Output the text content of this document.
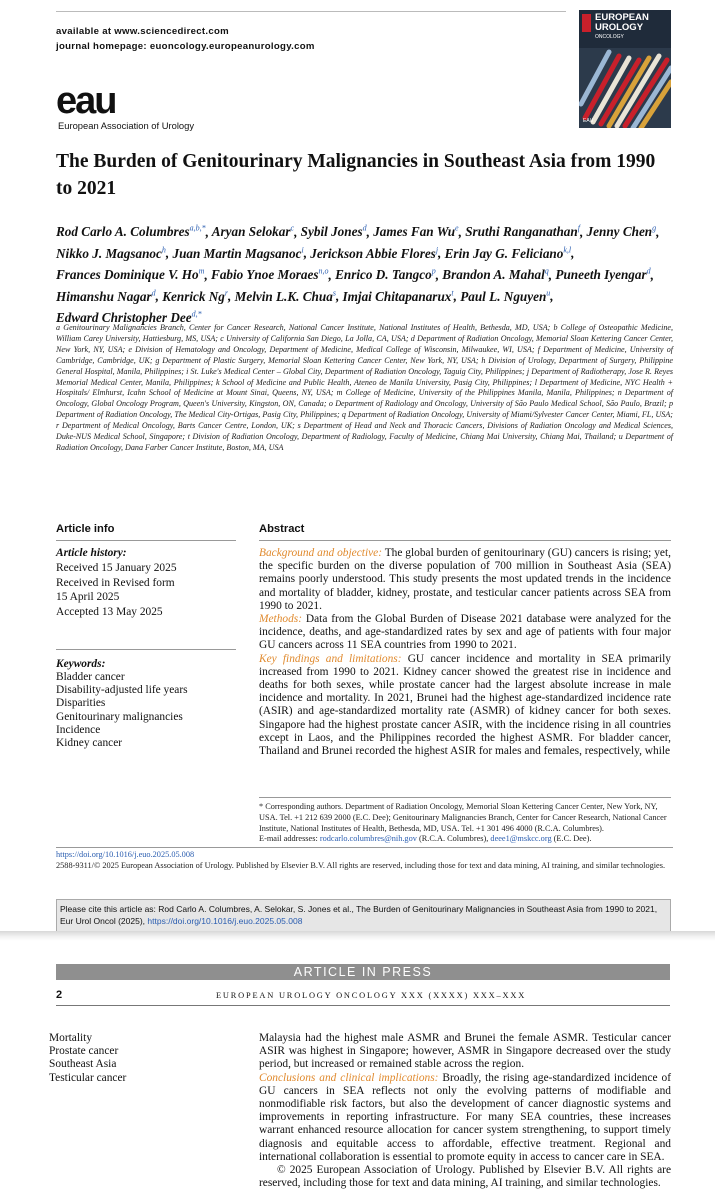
available at www.sciencedirect.com
journal homepage: euoncology.europeanurology.com
eau
European Association of Urology
EUROPEAN
UROLOGY
ONCOLOGY
EAU
The Burden of Genitourinary Malignancies in Southeast Asia from 1990 to 2021
Rod Carlo A. Columbres$^{a,b,*}$, Aryan Selokar$^c$, Sybil Jones$^d$, James Fan Wu$^e$, Sruthi Ranganathan$^f$, Jenny Chen$^g$, Nikko J. Magsanoc$^h$, Juan Martin Magsanoc$^i$, Jerickson Abbie Flores$^j$, Erin Jay G. Feliciano$^{k,l}$, Frances Dominique V. Ho$^m$, Fabio Ynoe Moraes$^{n,o}$, Enrico D. Tangco$^p$, Brandon A. Mahal$^q$, Puneeth Iyengar$^d$, Himanshu Nagar$^d$, Kenrick Ng$^r$, Melvin L.K. Chua$^s$, Imjai Chitapanarux$^t$, Paul L. Nguyen$^u$, Edward Christopher Dee$^{d,*}$
a Genitourinary Malignancies Branch, Center for Cancer Research, National Cancer Institute, National Institutes of Health, Bethesda, MD, USA; b College of Osteopathic Medicine, William Carey University, Hattiesburg, MS, USA; c University of California San Diego, La Jolla, CA, USA; d Department of Radiation Oncology, Memorial Sloan Kettering Cancer Center, New York, NY, USA; e Division of Hematology and Oncology, Department of Medicine, Medical College of Wisconsin, Milwaukee, WI, USA; f Department of Medicine, University of Cambridge, Cambridge, UK; g Department of Plastic Surgery, Memorial Sloan Kettering Cancer Center, New York, NY, USA; h Division of Urology, Department of Surgery, Philippine General Hospital, Manila, Philippines; i St. Luke's Medical Center – Global City, Department of Radiation Oncology, Taguig City, Philippines; j Department of Radiotherapy, Jose R. Reyes Memorial Medical Center, Manila, Philippines; k School of Medicine and Public Health, Ateneo de Manila University, Pasig City, Philippines; l Department of Medicine, NYC Health + Hospitals/ Elmhurst, Icahn School of Medicine at Mount Sinai, Queens, NY, USA; m College of Medicine, University of the Philippines Manila, Manila, Philippines; n Department of Oncology, Global Oncology Program, Queen's University, Kingston, ON, Canada; o Department of Radiology and Oncology, University of São Paulo Medical School, São Paulo, Brazil; p Department of Radiation Oncology, The Medical City-Ortigas, Pasig City, Philippines; q Department of Radiation Oncology, University of Miami/Sylvester Cancer Center, Miami, FL, USA; r Department of Medical Oncology, Barts Cancer Centre, London, UK; s Department of Head and Neck and Thoracic Cancers, Divisions of Radiation Oncology and Medical Sciences, Duke-NUS Medical School, Singapore; t Division of Radiation Oncology, Department of Radiology, Faculty of Medicine, Chiang Mai University, Chiang Mai, Thailand; u Department of Radiation Oncology, Dana Farber Cancer Institute, Boston, MA, USA
Article info
Article history:
Received 15 January 2025
Received in Revised form
15 April 2025
Accepted 13 May 2025
Keywords:
Bladder cancer
Disability-adjusted life years
Disparities
Genitourinary malignancies
Incidence
Kidney cancer
Abstract
Background and objective: The global burden of genitourinary (GU) cancers is rising; yet, the specific burden on the diverse population of 700 million in Southeast Asia (SEA) remains poorly understood. This study presents the most updated trends in the incidence and mortality of bladder, kidney, prostate, and testicular cancer patients across SEA from 1990 to 2021.
Methods: Data from the Global Burden of Disease 2021 database were analyzed for the incidence, deaths, and age-standardized rates by sex and age of patients with four major GU cancers across 11 SEA countries from 1990 to 2021.
Key findings and limitations: GU cancer incidence and mortality in SEA primarily increased from 1990 to 2021. Kidney cancer showed the greatest rise in incidence and deaths for both sexes, while prostate cancer had the largest absolute increase in male incidence and mortality. In 2021, Brunei had the highest age-standardized incidence rate (ASIR) and age-standardized mortality rate (ASMR) of kidney cancer for both sexes. Singapore had the highest prostate cancer ASIR, with the incidence rising in all countries except in Laos, and the Philippines recorded the highest ASMR. For bladder cancer, Thailand and Brunei recorded the highest ASIR for males and females, respectively, while
* Corresponding authors. Department of Radiation Oncology, Memorial Sloan Kettering Cancer Center, New York, NY, USA. Tel. +1 212 639 2000 (E.C. Dee); Genitourinary Malignancies Branch, Center for Cancer Research, National Cancer Institute, National Institutes of Health, Bethesda, MD, USA. Tel. +1 301 496 4000 (R.C.A. Columbres).
E-mail addresses: rodcarlo.columbres@nih.gov (R.C.A. Columbres), deee1@mskcc.org (E.C. Dee).
https://doi.org/10.1016/j.euo.2025.05.008
2588-9311/© 2025 European Association of Urology. Published by Elsevier B.V. All rights are reserved, including those for text and data mining, AI training, and similar technologies.
Please cite this article as: Rod Carlo A. Columbres, A. Selokar, S. Jones et al., The Burden of Genitourinary Malignancies in Southeast Asia from 1990 to 2021, Eur Urol Oncol (2025), https://doi.org/10.1016/j.euo.2025.05.008
ARTICLE IN PRESS
2	EUROPEAN UROLOGY ONCOLOGY XXX (XXXX) XXX–XXX
Mortality
Prostate cancer
Southeast Asia
Testicular cancer
Malaysia had the highest male ASMR and Brunei the female ASMR. Testicular cancer ASIR was highest in Singapore; however, ASMR in Singapore decreased over the study period, but increased or remained stable across the region.
Conclusions and clinical implications: Broadly, the rising age-standardized incidence of GU cancers in SEA reflects not only the evolving patterns of modifiable and nonmodifiable risk factors, but also the development of cancer diagnostic systems and improvements in reporting infrastructure. For many SEA countries, these increases warrant enhanced resource allocation for cancer system strengthening, to support timely diagnosis and equitable access to affordable, effective treatment. Regional and international collaboration is essential to promote equity in access to cancer care in SEA.
© 2025 European Association of Urology. Published by Elsevier B.V. All rights are reserved, including those for text and data mining, AI training, and similar technologies.
